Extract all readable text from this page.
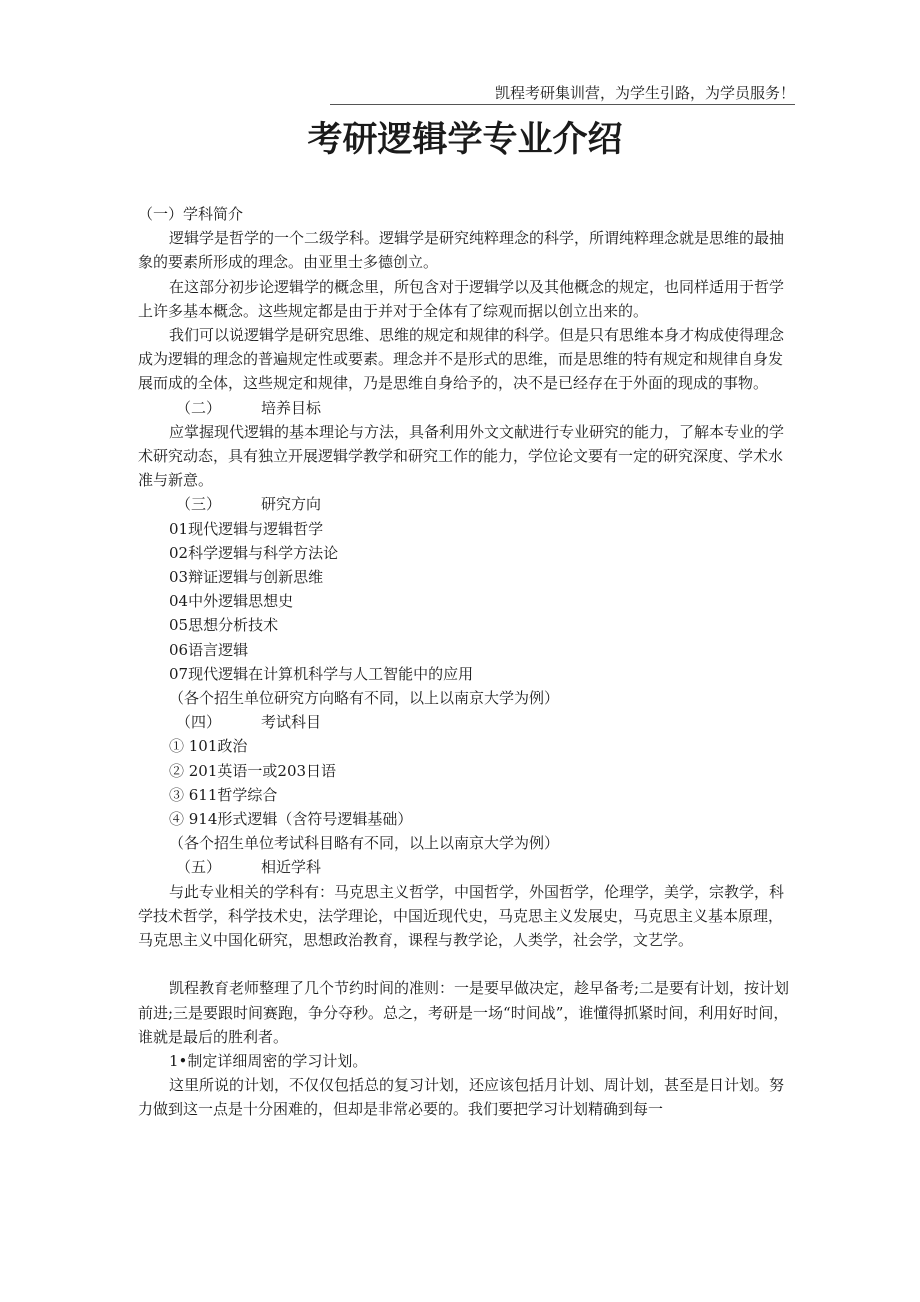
凯程考研集训营，为学生引路，为学员服务！
考研逻辑学专业介绍

（一）学科简介

逻辑学是哲学的一个二级学科。逻辑学是研究纯粹理念的科学，所谓纯粹理念就是思维的最抽象的要素所形成的理念。由亚里士多德创立。

在这部分初步论逻辑学的概念里，所包含对于逻辑学以及其他概念的规定，也同样适用于哲学上许多基本概念。这些规定都是由于并对于全体有了综观而据以创立出来的。

我们可以说逻辑学是研究思维、思维的规定和规律的科学。但是只有思维本身才构成使得理念成为逻辑的理念的普遍规定性或要素。理念并不是形式的思维，而是思维的特有规定和规律自身发展而成的全体，这些规定和规律，乃是思维自身给予的，决不是已经存在于外面的现成的事物。

（二）	培养目标

应掌握现代逻辑的基本理论与方法，具备利用外文文献进行专业研究的能力，了解本专业的学术研究动态，具有独立开展逻辑学教学和研究工作的能力，学位论文要有一定的研究深度、学术水准与新意。

（三）	研究方向

01现代逻辑与逻辑哲学

02科学逻辑与科学方法论

03辩证逻辑与创新思维

04中外逻辑思想史

05思想分析技术

06语言逻辑

07现代逻辑在计算机科学与人工智能中的应用

（各个招生单位研究方向略有不同，以上以南京大学为例）

（四）	考试科目

① 101政治

② 201英语一或203日语

③ 611哲学综合

④ 914形式逻辑（含符号逻辑基础）

（各个招生单位考试科目略有不同，以上以南京大学为例）

（五）	相近学科

与此专业相关的学科有：马克思主义哲学，中国哲学，外国哲学，伦理学，美学，宗教学，科学技术哲学，科学技术史，法学理论，中国近现代史，马克思主义发展史，马克思主义基本原理，马克思主义中国化研究，思想政治教育，课程与教学论，人类学，社会学，文艺学。

凯程教育老师整理了几个节约时间的准则：一是要早做决定，趁早备考;二是要有计划，按计划前进;三是要跟时间赛跑，争分夺秒。总之，考研是一场“时间战”，谁懂得抓紧时间，利用好时间，谁就是最后的胜利者。

1•制定详细周密的学习计划。

这里所说的计划，不仅仅包括总的复习计划，还应该包括月计划、周计划，甚至是日计划。努力做到这一点是十分困难的，但却是非常必要的。我们要把学习计划精确到每一
